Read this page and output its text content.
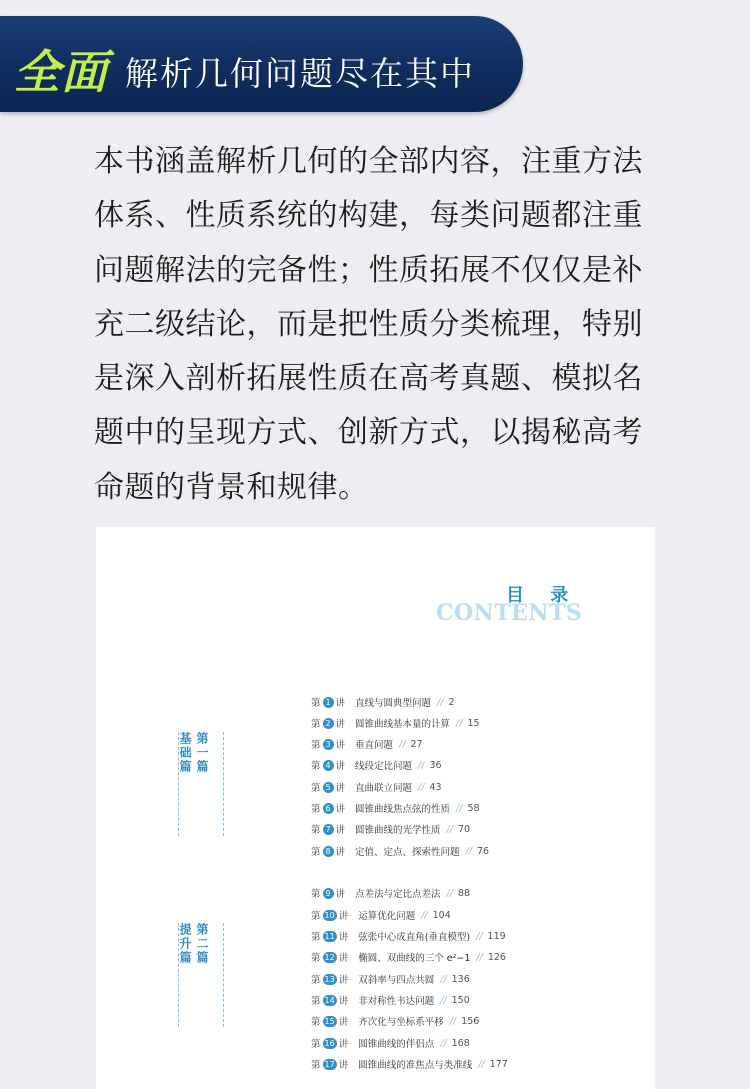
全面 解析几何问题尽在其中
本书涵盖解析几何的全部内容，注重方法
体系、性质系统的构建，每类问题都注重
问题解法的完备性；性质拓展不仅仅是补
充二级结论，而是把性质分类梳理，特别
是深入剖析拓展性质在高考真题、模拟名
题中的呈现方式、创新方式，以揭秘高考
命题的背景和规律。
目 录
CONTENTS
第一篇
基础篇
第二篇
提升篇
第 1 讲 直线与圆典型问题 // 2
第 2 讲 圆锥曲线基本量的计算 // 15
第 3 讲 垂直问题 // 27
第 4 讲 线段定比问题 // 36
第 5 讲 直曲联立问题 // 43
第 6 讲 圆锥曲线焦点弦的性质 // 58
第 7 讲 圆锥曲线的光学性质 // 70
第 8 讲 定值、定点、探索性问题 // 76
第 9 讲 点差法与定比点差法 // 88
第 10 讲 运算优化问题 // 104
第 11 讲 弦张中心成直角(垂直模型) // 119
第 12 讲 椭圆、双曲线的三个 e²−1 // 126
第 13 讲 双斜率与四点共圆 // 136
第 14 讲 非对称性韦达问题 // 150
第 15 讲 齐次化与坐标系平移 // 156
第 16 讲 圆锥曲线的伴侣点 // 168
第 17 讲 圆锥曲线的准焦点与类准线 // 177
